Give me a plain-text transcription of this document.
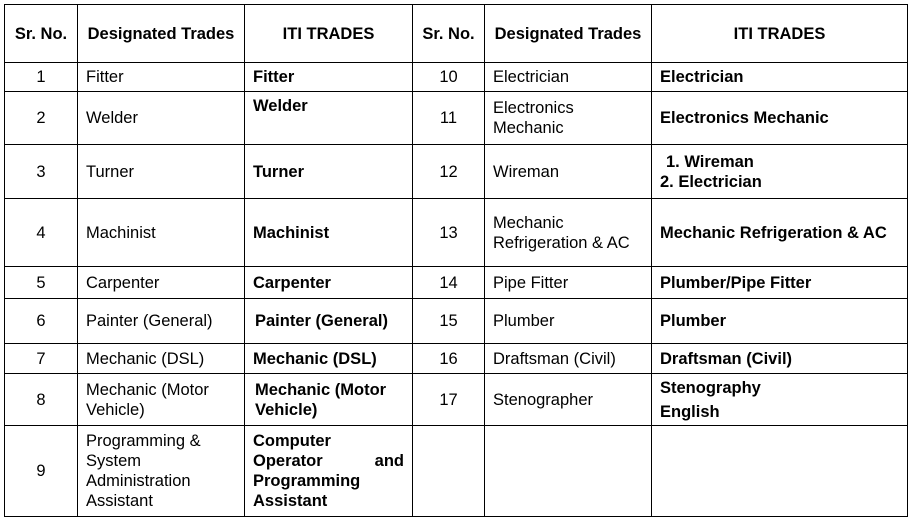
Sr. No.	Designated Trades	ITI TRADES	Sr. No.	Designated Trades	ITI TRADES
1	Fitter	Fitter	10	Electrician	Electrician
2	Welder	Welder	11	Electronics Mechanic	Electronics Mechanic
3	Turner	Turner	12	Wireman	1. Wireman
2. Electrician

4	Machinist	Machinist	13	Mechanic Refrigeration & AC	Mechanic Refrigeration & AC
5	Carpenter	Carpenter	14	Pipe Fitter	Plumber/Pipe Fitter
6	Painter (General)	Painter (General)	15	Plumber	Plumber
7	Mechanic (DSL)	Mechanic (DSL)	16	Draftsman (Civil)	Draftsman (Civil)
8	Mechanic (Motor Vehicle)	Mechanic (Motor Vehicle)	17	Stenographer	Stenography
English

9	Programming & System Administration Assistant	Computer
Operator and
Programming
Assistant			
